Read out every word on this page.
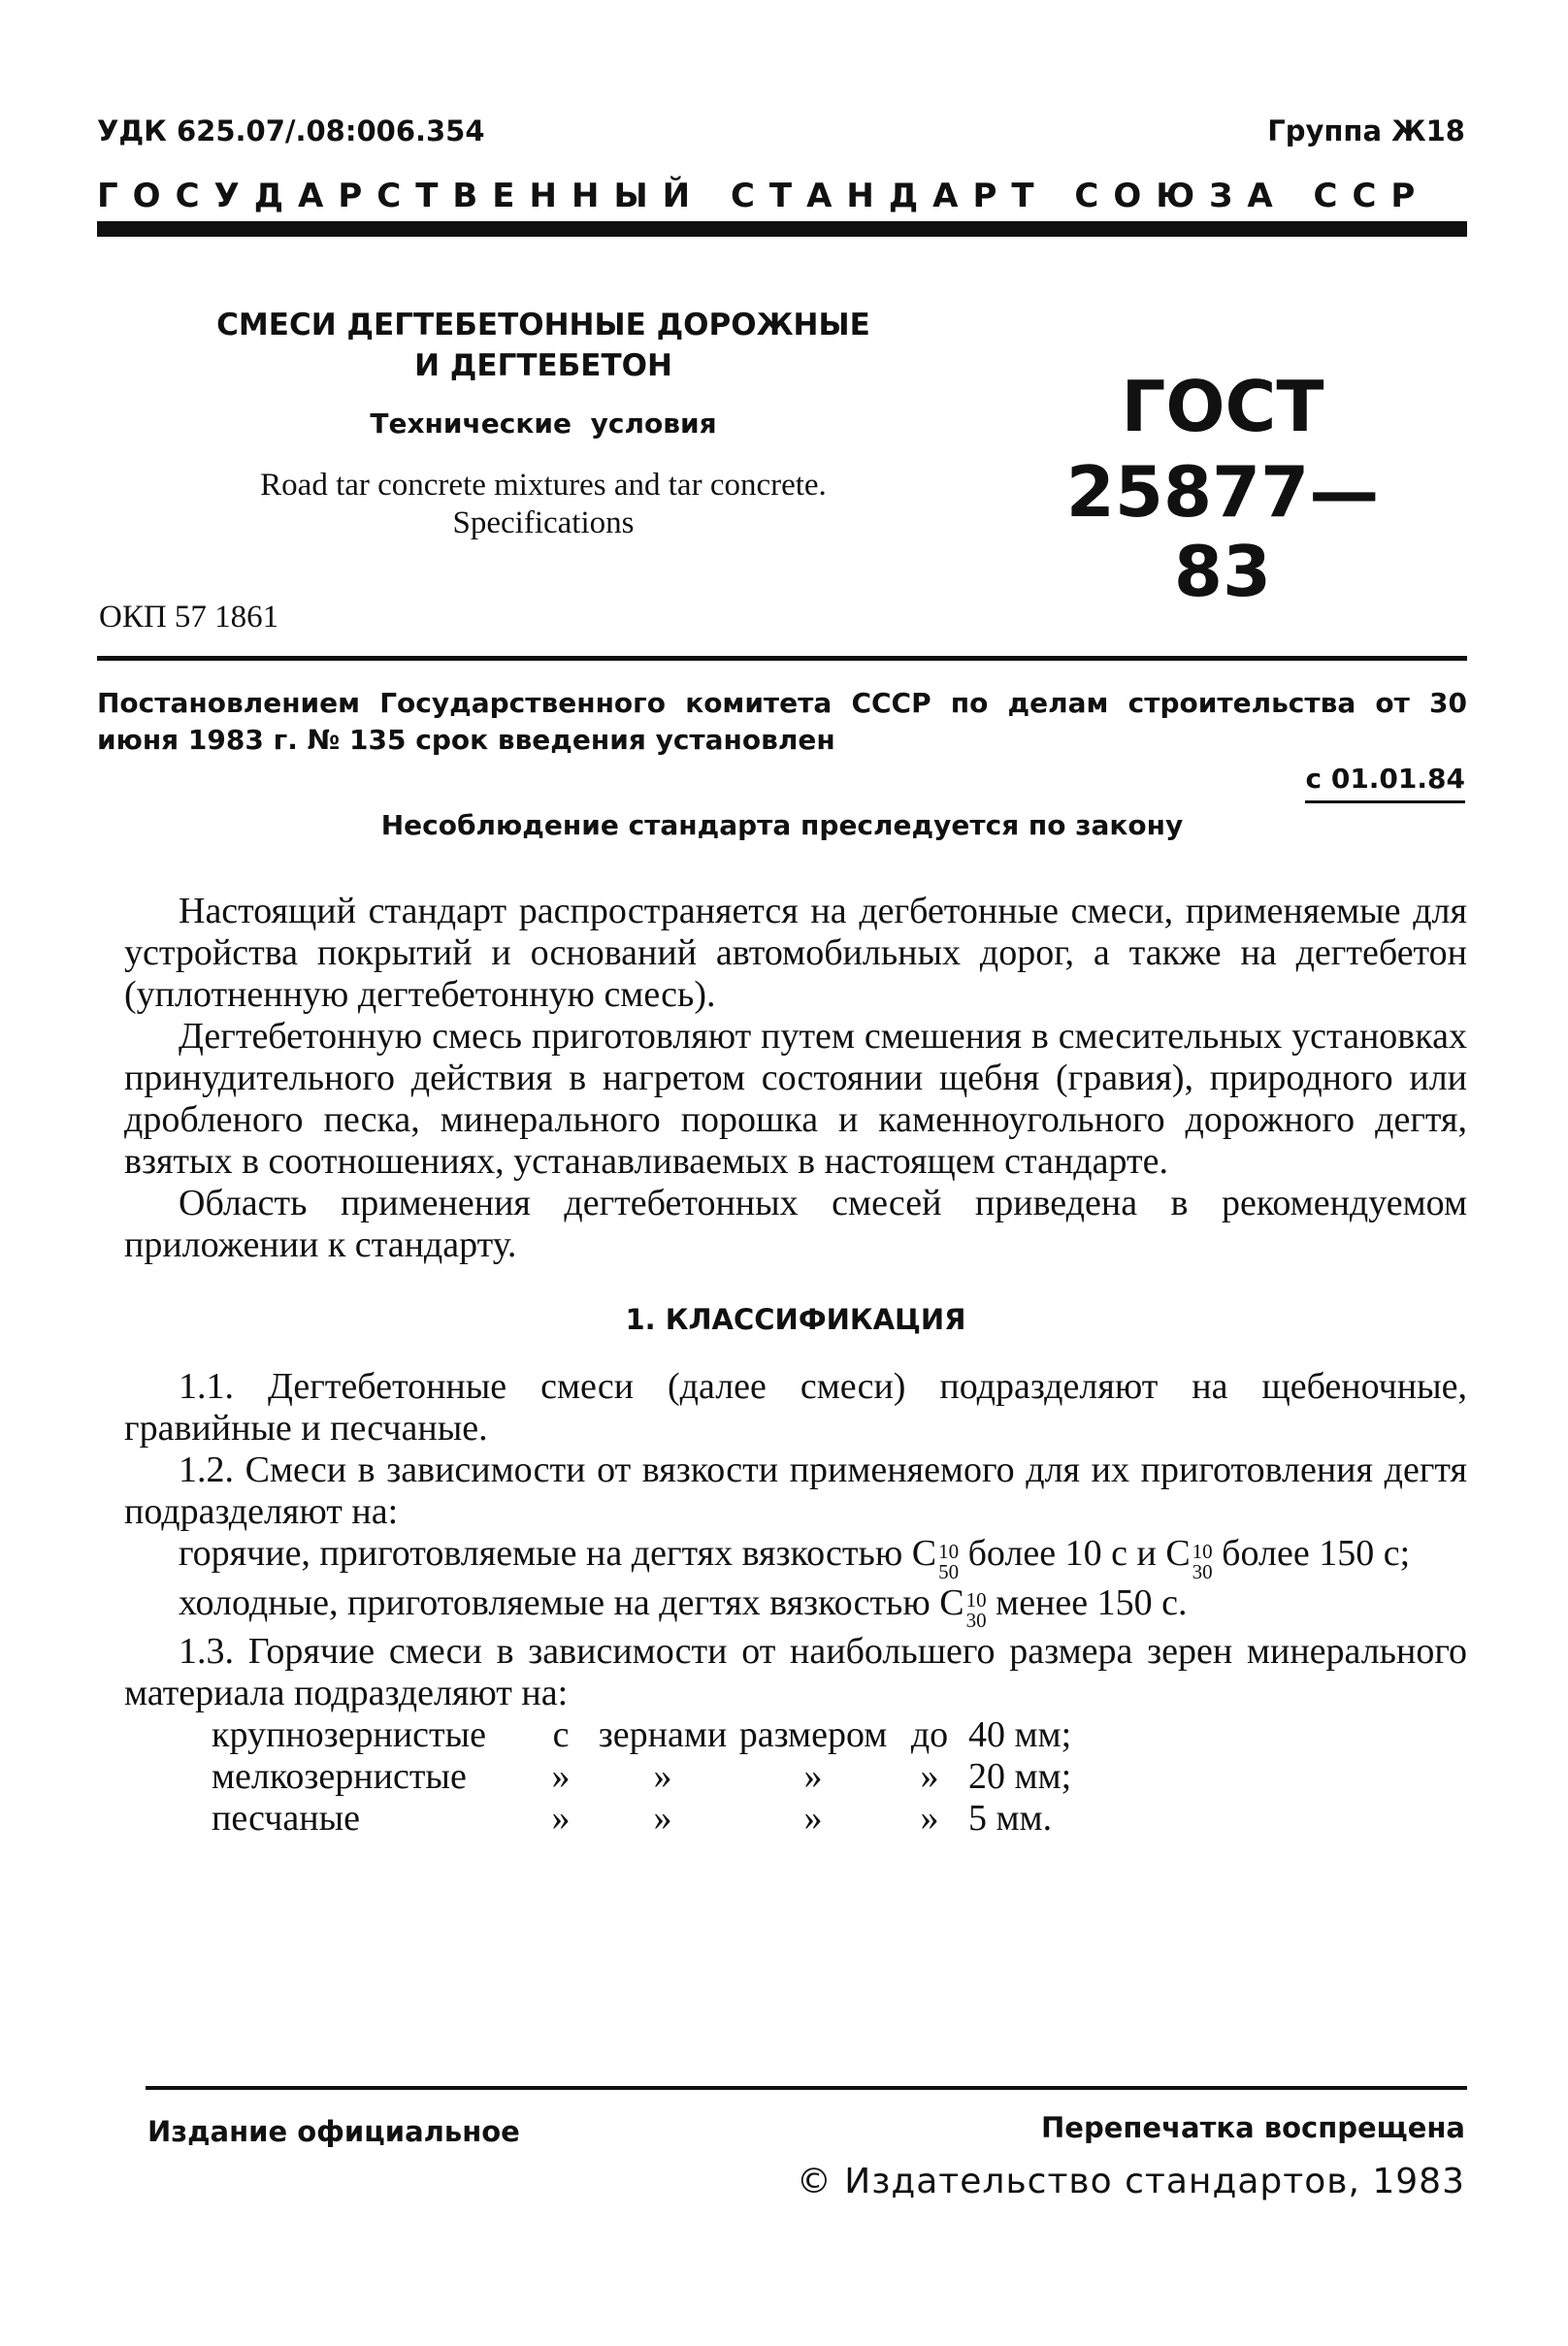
УДК 625.07/.08:006.354	Группа Ж18
ГОСУДАРСТВЕННЫЙ СТАНДАРТ СОЮЗА ССР
СМЕСИ ДЕГТЕБЕТОННЫЕ ДОРОЖНЫЕ
И ДЕГТЕБЕТОН
Технические условия
Road tar concrete mixtures and tar concrete.
Specifications
ГОСТ
25877—83
ОКП 57 1861
Постановлением Государственного комитета СССР по делам строительства от 30 июня 1983 г. № 135 срок введения установлен
с 01.01.84
Несоблюдение стандарта преследуется по закону

Настоящий стандарт распространяется на дегбетонные смеси, применяемые для устройства покрытий и оснований автомобильных дорог, а также на дегтебетон (уплотненную дегтебетонную смесь).

Дегтебетонную смесь приготовляют путем смешения в смесительных установках принудительного действия в нагретом состоянии щебня (гравия), природного или дробленого песка, минерального порошка и каменноугольного дорожного дегтя, взятых в соотношениях, устанавливаемых в настоящем стандарте.

Область применения дегтебетонных смесей приведена в рекомендуемом приложении к стандарту.

1. КЛАССИФИКАЦИЯ

1.1. Дегтебетонные смеси (далее смеси) подразделяют на щебеночные, гравийные и песчаные.

1.2. Смеси в зависимости от вязкости применяемого для их приготовления дегтя подразделяют на:

горячие, приготовляемые на дегтях вязкостью С 10
50 более 10 с и С 10
30 более 150 с;

холодные, приготовляемые на дегтях вязкостью С 10
30 менее 150 с.

1.3. Горячие смеси в зависимости от наибольшего размера зерен минерального материала подразделяют на:

крупнозернистые	с	зернами	размером	до	40 мм;
мелкозернистые	»	»	»	»	20 мм;
песчаные	»	»	»	»	5 мм.
Издание официальное	Перепечатка воспрещена
© Издательство стандартов, 1983
